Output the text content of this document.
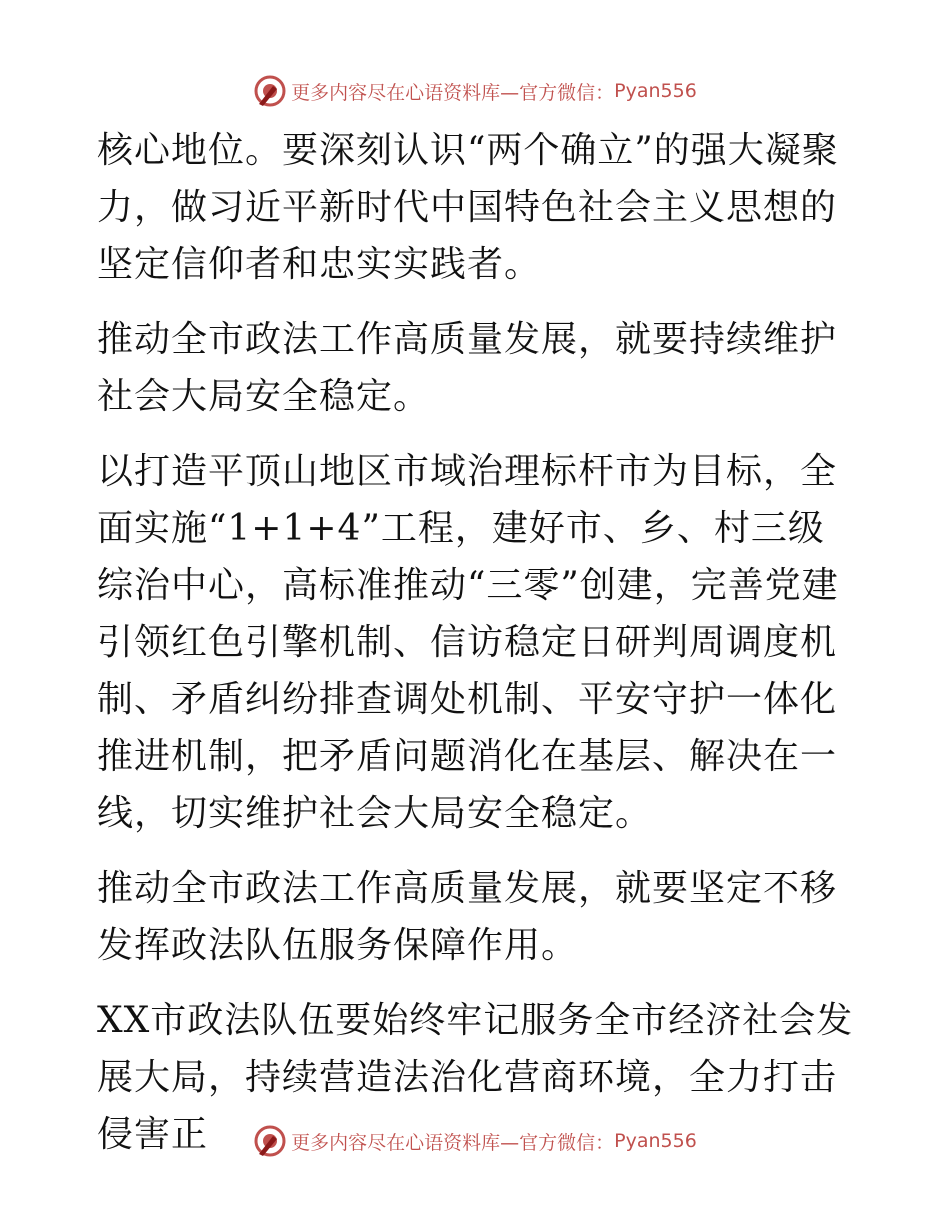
更多内容尽在心语资料库—官方微信： Pyan556

核心地位。要深刻认识“两个确立”的强大凝聚力，做习近平新时代中国特色社会主义思想的坚定信仰者和忠实实践者。

推动全市政法工作高质量发展，就要持续维护社会大局安全稳定。

以打造平顶山地区市域治理标杆市为目标，全面实施“1+1+4”工程，建好市、乡、村三级综治中心，高标准推动“三零”创建，完善党建引领红色引擎机制、信访稳定日研判周调度机制、矛盾纠纷排查调处机制、平安守护一体化推进机制，把矛盾问题消化在基层、解决在一线，切实维护社会大局安全稳定。

推动全市政法工作高质量发展，就要坚定不移发挥政法队伍服务保障作用。

XX市政法队伍要始终牢记服务全市经济社会发展大局，持续营造法治化营商环境，全力打击侵害正	更多内容尽在心语资料库—官方微信： Pyan556
